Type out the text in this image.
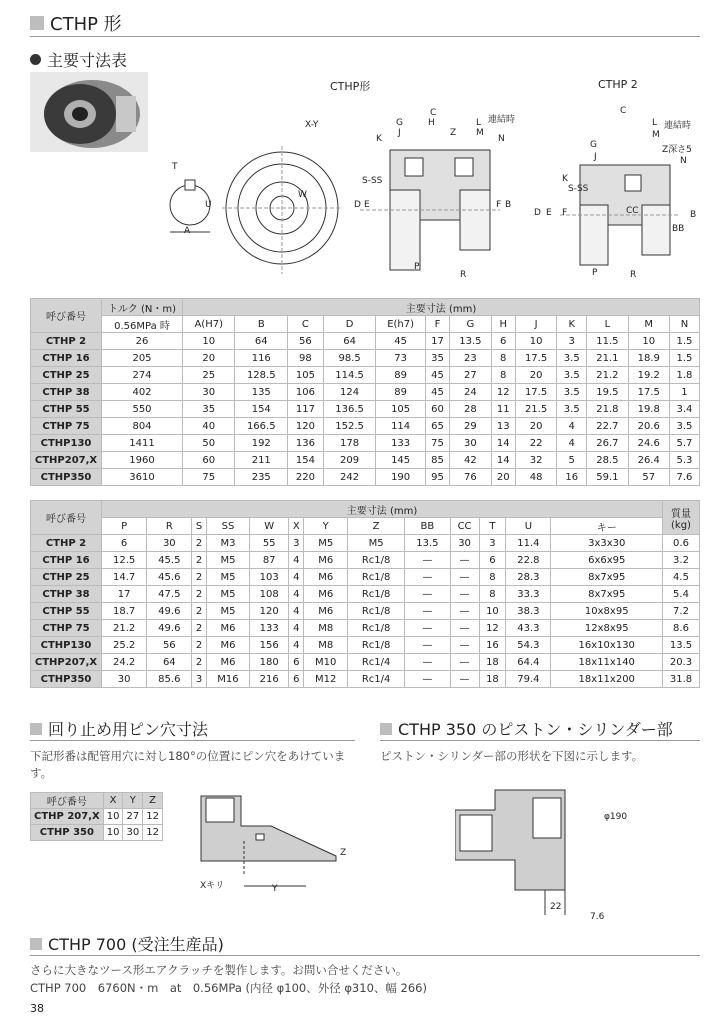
CTHP 形
主要寸法表
T
U
A
X-Y
W
CTHP形
C
G	H	L
J	Z M
K	N
連結時
S-SS
D E	F B
P
R
CTHP 2
C
L 連結時
M
G	Z深さ5
J	N
K
S-SS
D E F	CC	B
BB
P	R
呼び番号	トルク (N・m)	主要寸法 (mm)												
	0.56MPa 時	A(H7)	B	C	D	E(h7)	F	G	H	J	K	L	M	N
CTHP 2	26	10	64	56	64	45	17	13.5	6	10	3	11.5	10	1.5
CTHP 16	205	20	116	98	98.5	73	35	23	8	17.5	3.5	21.1	18.9	1.5
CTHP 25	274	25	128.5	105	114.5	89	45	27	8	20	3.5	21.2	19.2	1.8
CTHP 38	402	30	135	106	124	89	45	24	12	17.5	3.5	19.5	17.5	1
CTHP 55	550	35	154	117	136.5	105	60	28	11	21.5	3.5	21.8	19.8	3.4
CTHP 75	804	40	166.5	120	152.5	114	65	29	13	20	4	22.7	20.6	3.5
CTHP130	1411	50	192	136	178	133	75	30	14	22	4	26.7	24.6	5.7
CTHP207,X	1960	60	211	154	209	145	85	42	14	32	5	28.5	26.4	5.3
CTHP350	3610	75	235	220	242	190	95	76	20	48	16	59.1	57	7.6
呼び番号	主要寸法 (mm)													質量
(kg)
	P	R	S	SS	W	X	Y	Z	BB	CC	T	U	キー	
CTHP 2	6	30	2	M3	55	3	M5	M5	13.5	30	3	11.4	3x3x30	0.6
CTHP 16	12.5	45.5	2	M5	87	4	M6	Rc1/8	—	—	6	22.8	6x6x95	3.2
CTHP 25	14.7	45.6	2	M5	103	4	M6	Rc1/8	—	—	8	28.3	8x7x95	4.5
CTHP 38	17	47.5	2	M5	108	4	M6	Rc1/8	—	—	8	33.3	8x7x95	5.4
CTHP 55	18.7	49.6	2	M5	120	4	M6	Rc1/8	—	—	10	38.3	10x8x95	7.2
CTHP 75	21.2	49.6	2	M6	133	4	M8	Rc1/8	—	—	12	43.3	12x8x95	8.6
CTHP130	25.2	56	2	M6	156	4	M8	Rc1/8	—	—	16	54.3	16x10x130	13.5
CTHP207,X	24.2	64	2	M6	180	6	M10	Rc1/4	—	—	18	64.4	18x11x140	20.3
CTHP350	30	85.6	3	M16	216	6	M12	Rc1/4	—	—	18	79.4	18x11x200	31.8
回り止め用ピン穴寸法
下記形番は配管用穴に対し180°の位置にピン穴をあけています。
呼び番号	X	Y	Z
CTHP 207,X	10	27	12
CTHP 350	10	30	12
Z
Xキリ	Y
CTHP 350 のピストン・シリンダー部
ピストン・シリンダー部の形状を下図に示します。
φ190
22
7.6
CTHP 700 (受注生産品)
さらに大きなツース形エアクラッチを製作します。お問い合せください。
CTHP 700　6760N・m　at　0.56MPa (内径 φ100、外径 φ310、幅 266)
38
